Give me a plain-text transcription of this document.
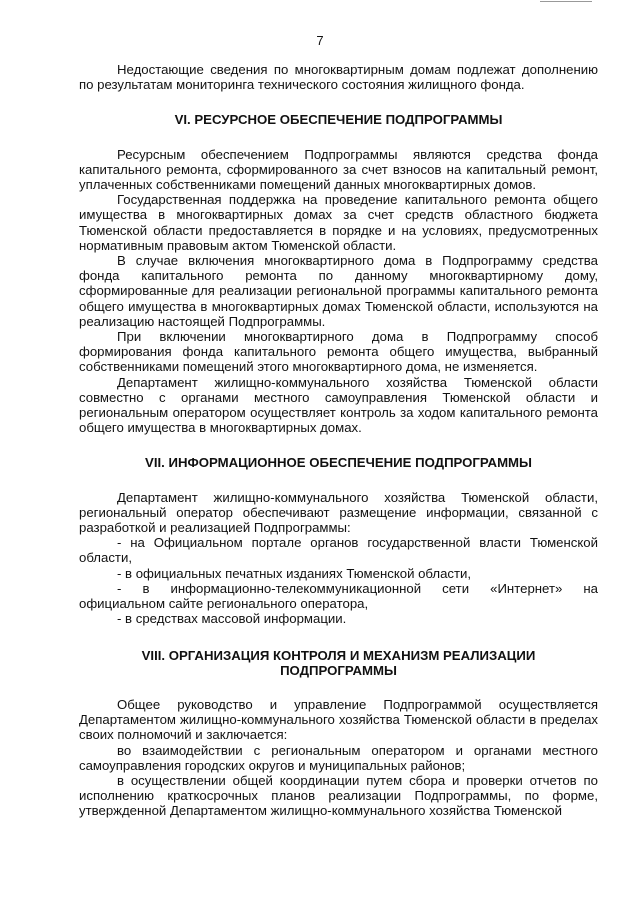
7

Недостающие сведения по многоквартирным домам подлежат дополнению по результатам мониторинга технического состояния жилищного фонда.

VI. РЕСУРСНОЕ ОБЕСПЕЧЕНИЕ ПОДПРОГРАММЫ

Ресурсным обеспечением Подпрограммы являются средства фонда капитального ремонта, сформированного за счет взносов на капитальный ремонт, уплаченных собственниками помещений данных многоквартирных домов.

Государственная поддержка на проведение капитального ремонта общего имущества в многоквартирных домах за счет средств областного бюджета Тюменской области предоставляется в порядке и на условиях, предусмотренных нормативным правовым актом Тюменской области.

В случае включения многоквартирного дома в Подпрограмму средства фонда капитального ремонта по данному многоквартирному дому, сформированные для реализации региональной программы капитального ремонта общего имущества в многоквартирных домах Тюменской области, используются на реализацию настоящей Подпрограммы.

При включении многоквартирного дома в Подпрограмму способ формирования фонда капитального ремонта общего имущества, выбранный собственниками помещений этого многоквартирного дома, не изменяется.

Департамент жилищно-коммунального хозяйства Тюменской области совместно с органами местного самоуправления Тюменской области и региональным оператором осуществляет контроль за ходом капитального ремонта общего имущества в многоквартирных домах.

VII. ИНФОРМАЦИОННОЕ ОБЕСПЕЧЕНИЕ ПОДПРОГРАММЫ

Департамент жилищно-коммунального хозяйства Тюменской области, региональный оператор обеспечивают размещение информации, связанной с разработкой и реализацией Подпрограммы:

- на Официальном портале органов государственной власти Тюменской области,

- в официальных печатных изданиях Тюменской области,

- в информационно-телекоммуникационной сети «Интернет» на официальном сайте регионального оператора,

- в средствах массовой информации.

VIII. ОРГАНИЗАЦИЯ КОНТРОЛЯ И МЕХАНИЗМ РЕАЛИЗАЦИИ
ПОДПРОГРАММЫ

Общее руководство и управление Подпрограммой осуществляется Департаментом жилищно-коммунального хозяйства Тюменской области в пределах своих полномочий и заключается:

во взаимодействии с региональным оператором и органами местного самоуправления городских округов и муниципальных районов;

в осуществлении общей координации путем сбора и проверки отчетов по исполнению краткосрочных планов реализации Подпрограммы, по форме, утвержденной Департаментом жилищно-коммунального хозяйства Тюменской
